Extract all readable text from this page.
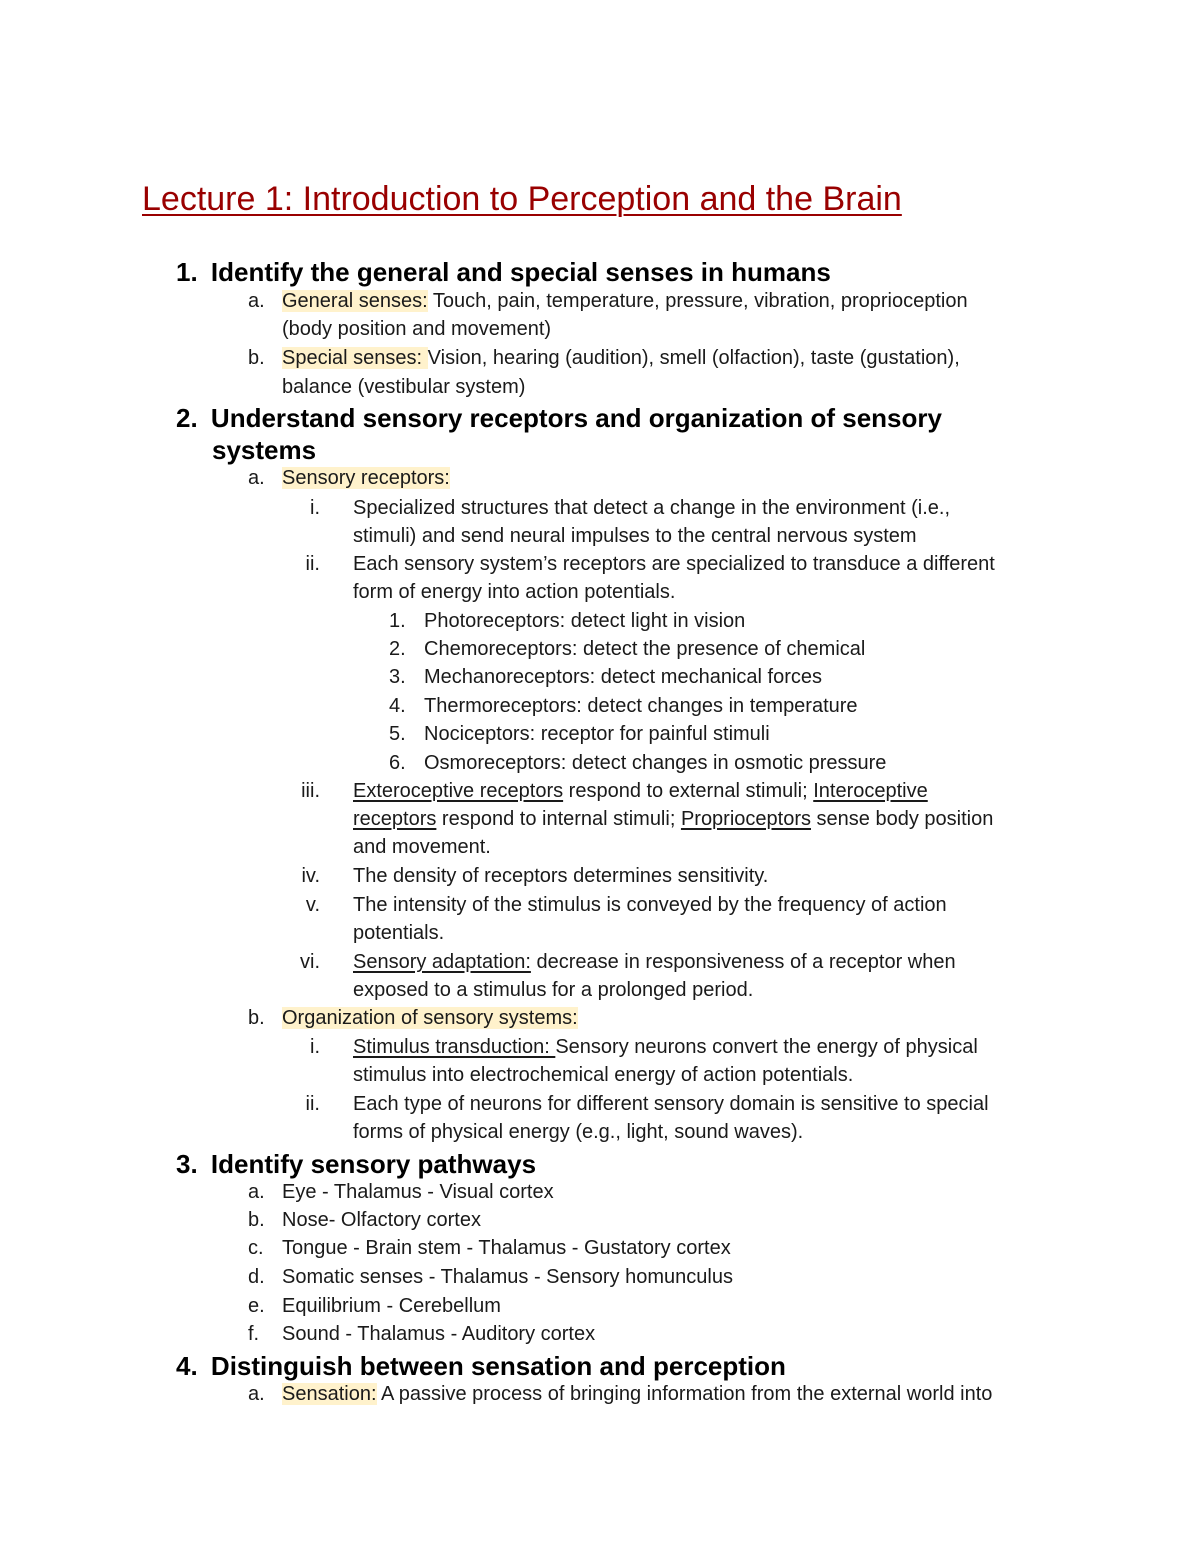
Lecture 1: Introduction to Perception and the Brain
1. Identify the general and special senses in humans
a. General senses: Touch, pain, temperature, pressure, vibration, proprioception
(body position and movement)
b. Special senses: Vision, hearing (audition), smell (olfaction), taste (gustation),
balance (vestibular system)
2. Understand sensory receptors and organization of sensory
systems
a. Sensory receptors:
i. Specialized structures that detect a change in the environment (i.e.,
stimuli) and send neural impulses to the central nervous system
ii. Each sensory system’s receptors are specialized to transduce a different
form of energy into action potentials.
1. Photoreceptors: detect light in vision
2. Chemoreceptors: detect the presence of chemical
3. Mechanoreceptors: detect mechanical forces
4. Thermoreceptors: detect changes in temperature
5. Nociceptors: receptor for painful stimuli
6. Osmoreceptors: detect changes in osmotic pressure
iii. Exteroceptive receptors respond to external stimuli; Interoceptive
receptors respond to internal stimuli; Proprioceptors sense body position
and movement.
iv. The density of receptors determines sensitivity.
v. The intensity of the stimulus is conveyed by the frequency of action
potentials.
vi. Sensory adaptation: decrease in responsiveness of a receptor when
exposed to a stimulus for a prolonged period.
b. Organization of sensory systems:
i. Stimulus transduction: Sensory neurons convert the energy of physical
stimulus into electrochemical energy of action potentials.
ii. Each type of neurons for different sensory domain is sensitive to special
forms of physical energy (e.g., light, sound waves).
3. Identify sensory pathways
a. Eye - Thalamus - Visual cortex
b. Nose- Olfactory cortex
c. Tongue - Brain stem - Thalamus - Gustatory cortex
d. Somatic senses - Thalamus - Sensory homunculus
e. Equilibrium - Cerebellum
f. Sound - Thalamus - Auditory cortex
4. Distinguish between sensation and perception
a. Sensation: A passive process of bringing information from the external world into
